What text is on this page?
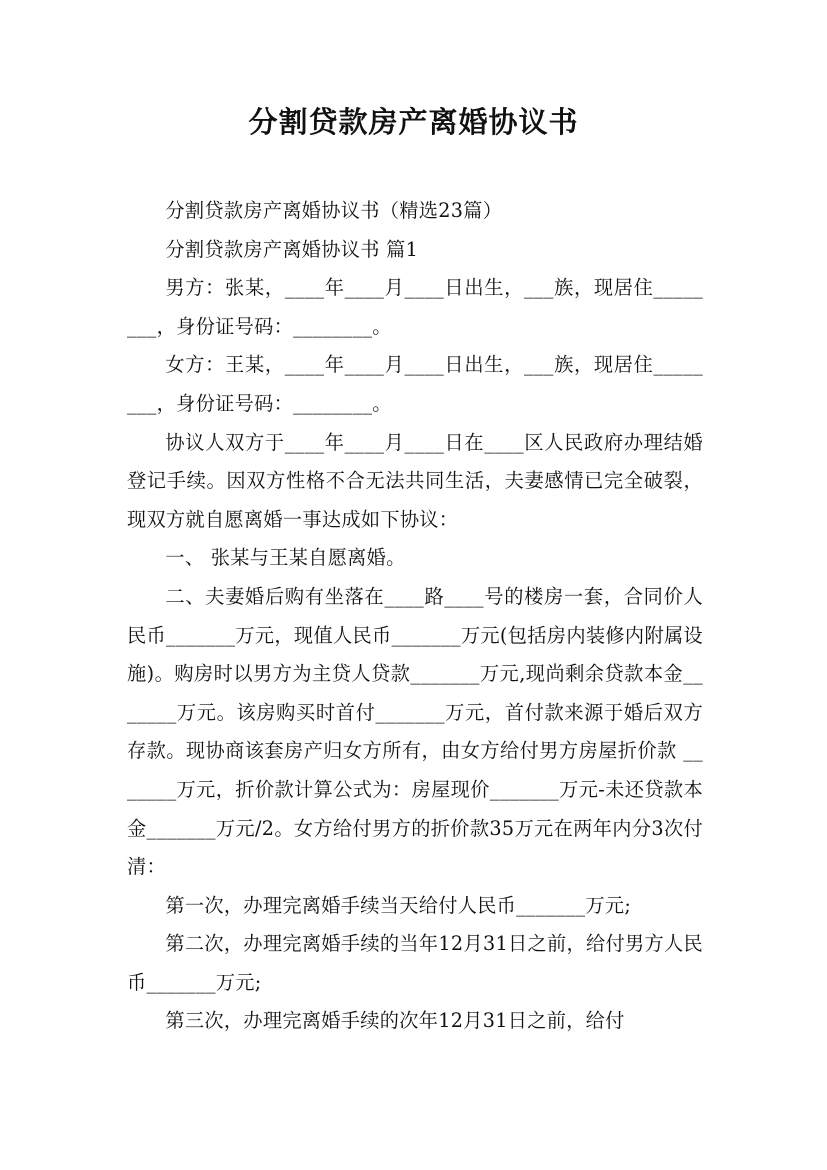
分割贷款房产离婚协议书

分割贷款房产离婚协议书（精选23篇）

分割贷款房产离婚协议书 篇1

男方：张某，____年____月____日出生，___族，现居住________，身份证号码：________。

女方：王某，____年____月____日出生，___族，现居住________，身份证号码：________。

协议人双方于____年____月____日在____区人民政府办理结婚登记手续。因双方性格不合无法共同生活，夫妻感情已完全破裂，现双方就自愿离婚一事达成如下协议：

一、 张某与王某自愿离婚。

二、夫妻婚后购有坐落在____路____号的楼房一套，合同价人民币_______万元，现值人民币_______万元(包括房内装修内附属设施)。购房时以男方为主贷人贷款_______万元,现尚剩余贷款本金_______万元。该房购买时首付_______万元，首付款来源于婚后双方存款。现协商该套房产归女方所有，由女方给付男方房屋折价款 _______万元，折价款计算公式为：房屋现价_______万元-未还贷款本金_______万元/2。女方给付男方的折价款35万元在两年内分3次付清：

第一次，办理完离婚手续当天给付人民币_______万元;

第二次，办理完离婚手续的当年12月31日之前，给付男方人民币_______万元;

第三次，办理完离婚手续的次年12月31日之前，给付
